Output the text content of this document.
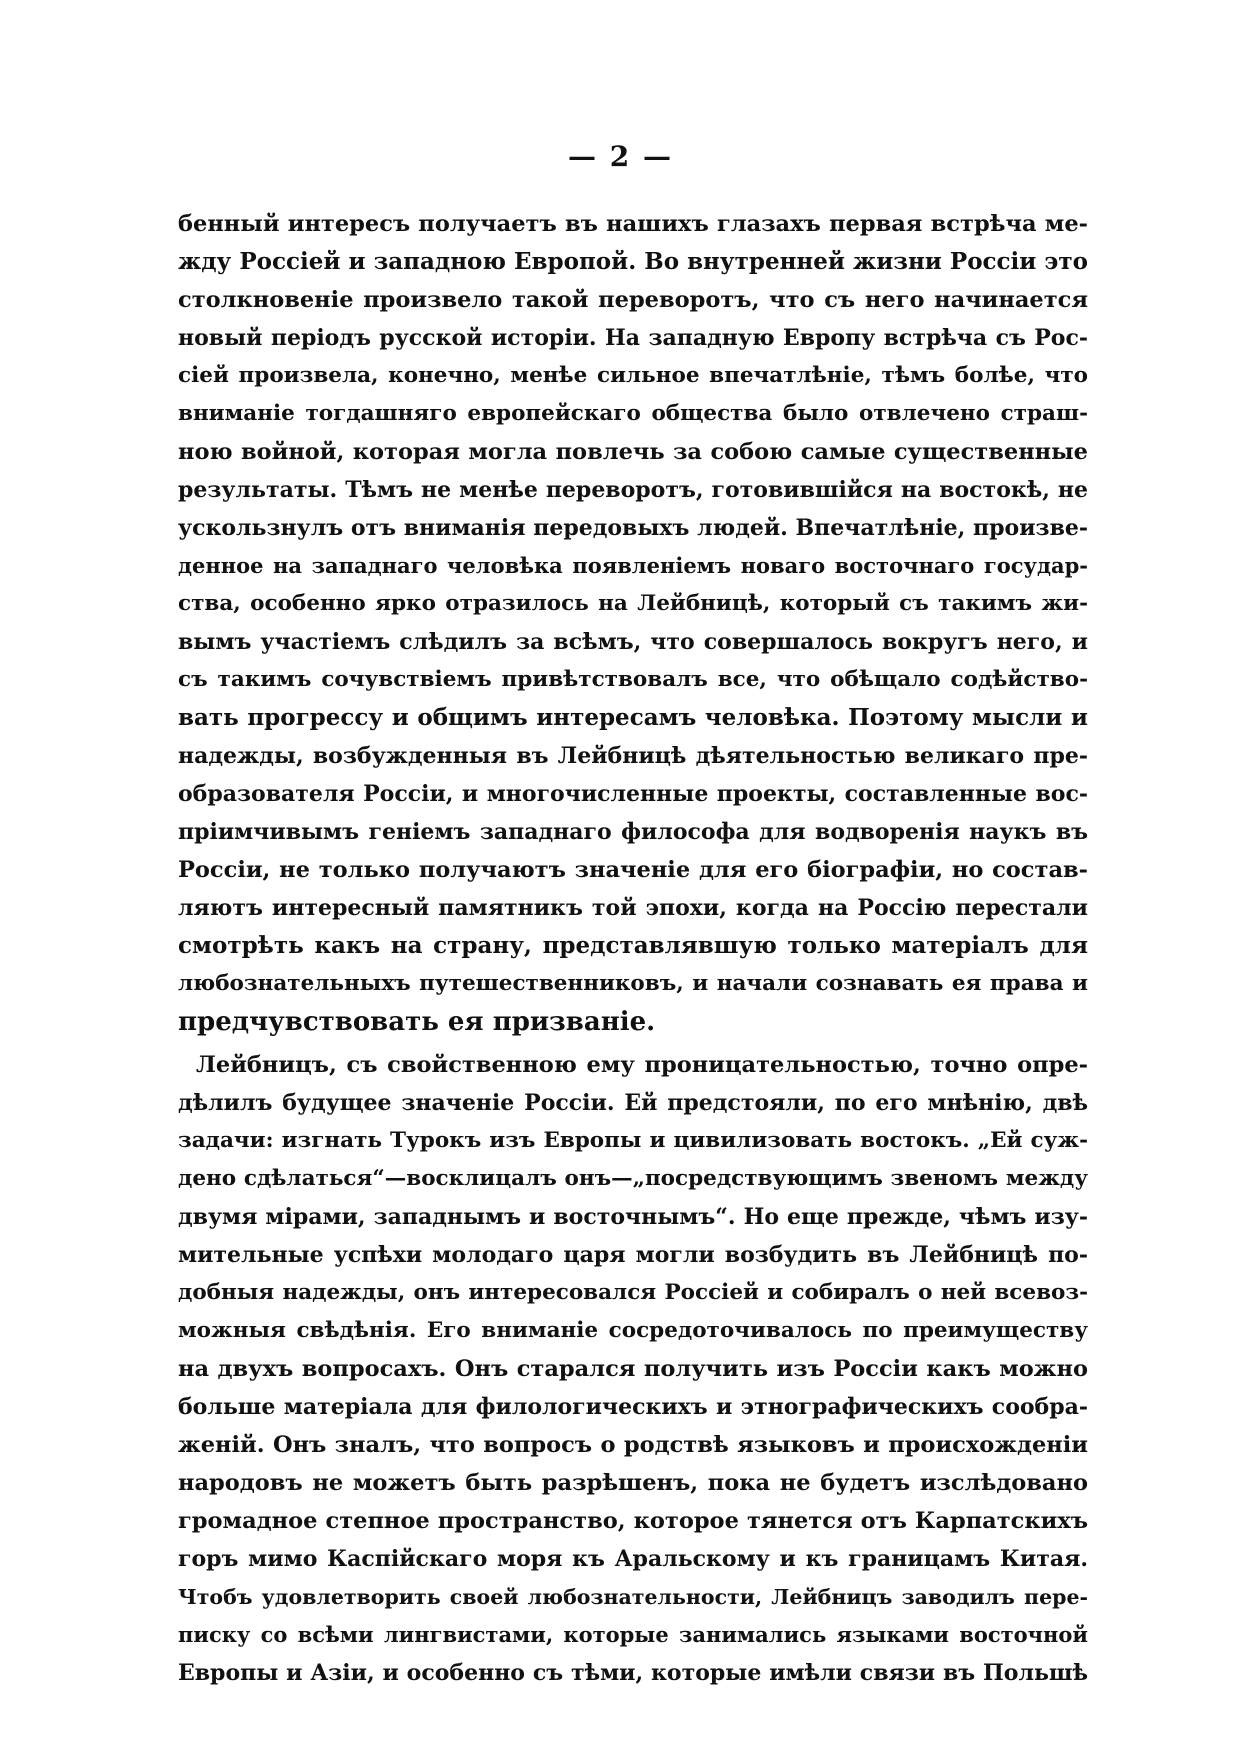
— 2 —
бенный интересъ получаетъ въ нашихъ глазахъ первая встрѣча ме-
жду Россіей и западною Европой. Во внутренней жизни Россіи это
столкновеніе произвело такой переворотъ, что съ него начинается
новый періодъ русской исторіи. На западную Европу встрѣча съ Рос-
сіей произвела, конечно, менѣе сильное впечатлѣніе, тѣмъ болѣе, что
вниманіе тогдашняго европейскаго общества было отвлечено страш-
ною войной, которая могла повлечь за собою самые существенные
результаты. Тѣмъ не менѣе переворотъ, готовившійся на востокѣ, не
ускользнулъ отъ вниманія передовыхъ людей. Впечатлѣніе, произве-
денное на западнаго человѣка появленіемъ новаго восточнаго государ-
ства, особенно ярко отразилось на Лейбницѣ, который съ такимъ жи-
вымъ участіемъ слѣдилъ за всѣмъ, что совершалось вокругъ него, и
съ такимъ сочувствіемъ привѣтствовалъ все, что обѣщало содѣйство-
вать прогрессу и общимъ интересамъ человѣка. Поэтому мысли и
надежды, возбужденныя въ Лейбницѣ дѣятельностью великаго пре-
образователя Россіи, и многочисленные проекты, составленные вос-
пріимчивымъ геніемъ западнаго философа для водворенія наукъ въ
Россіи, не только получаютъ значеніе для его біографіи, но состав-
ляютъ интересный памятникъ той эпохи, когда на Россію перестали
смотрѣть какъ на страну, представлявшую только матеріалъ для
любознательныхъ путешественниковъ, и начали сознавать ея права и
предчувствовать ея призваніе.
Лейбницъ, съ свойственною ему проницательностью, точно опре-
дѣлилъ будущее значеніе Россіи. Ей предстояли, по его мнѣнію, двѣ
задачи: изгнать Турокъ изъ Европы и цивилизовать востокъ. „Ей суж-
дено сдѣлаться“—восклицалъ онъ—„посредствующимъ звеномъ между
двумя мірами, западнымъ и восточнымъ“. Но еще прежде, чѣмъ изу-
мительные успѣхи молодаго царя могли возбудить въ Лейбницѣ по-
добныя надежды, онъ интересовался Россіей и собиралъ о ней всевоз-
можныя свѣдѣнія. Его вниманіе сосредоточивалось по преимуществу
на двухъ вопросахъ. Онъ старался получить изъ Россіи какъ можно
больше матеріала для филологическихъ и этнографическихъ сообра-
женій. Онъ зналъ, что вопросъ о родствѣ языковъ и происхожденіи
народовъ не можетъ быть разрѣшенъ, пока не будетъ изслѣдовано
громадное степное пространство, которое тянется отъ Карпатскихъ
горъ мимо Каспійскаго моря къ Аральскому и къ границамъ Китая.
Чтобъ удовлетворить своей любознательности, Лейбницъ заводилъ пере-
писку со всѣми лингвистами, которые занимались языками восточной
Европы и Азіи, и особенно съ тѣми, которые имѣли связи въ Польшѣ
